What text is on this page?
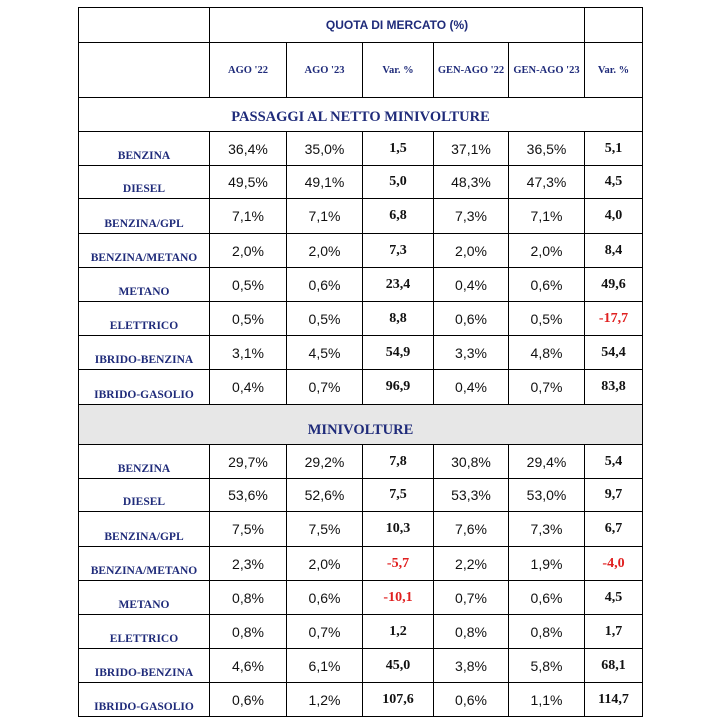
	QUOTA DI MERCATO (%)					
	AGO '22	AGO '23	Var. %	GEN-AGO '22	GEN-AGO '23	Var. %
PASSAGGI AL NETTO MINIVOLTURE						
BENZINA	36,4%	35,0%	1,5	37,1%	36,5%	5,1
DIESEL	49,5%	49,1%	5,0	48,3%	47,3%	4,5
BENZINA/GPL	7,1%	7,1%	6,8	7,3%	7,1%	4,0
BENZINA/METANO	2,0%	2,0%	7,3	2,0%	2,0%	8,4
METANO	0,5%	0,6%	23,4	0,4%	0,6%	49,6
ELETTRICO	0,5%	0,5%	8,8	0,6%	0,5%	-17,7
IBRIDO-BENZINA	3,1%	4,5%	54,9	3,3%	4,8%	54,4
IBRIDO-GASOLIO	0,4%	0,7%	96,9	0,4%	0,7%	83,8
MINIVOLTURE						
BENZINA	29,7%	29,2%	7,8	30,8%	29,4%	5,4
DIESEL	53,6%	52,6%	7,5	53,3%	53,0%	9,7
BENZINA/GPL	7,5%	7,5%	10,3	7,6%	7,3%	6,7
BENZINA/METANO	2,3%	2,0%	-5,7	2,2%	1,9%	-4,0
METANO	0,8%	0,6%	-10,1	0,7%	0,6%	4,5
ELETTRICO	0,8%	0,7%	1,2	0,8%	0,8%	1,7
IBRIDO-BENZINA	4,6%	6,1%	45,0	3,8%	5,8%	68,1
IBRIDO-GASOLIO	0,6%	1,2%	107,6	0,6%	1,1%	114,7
